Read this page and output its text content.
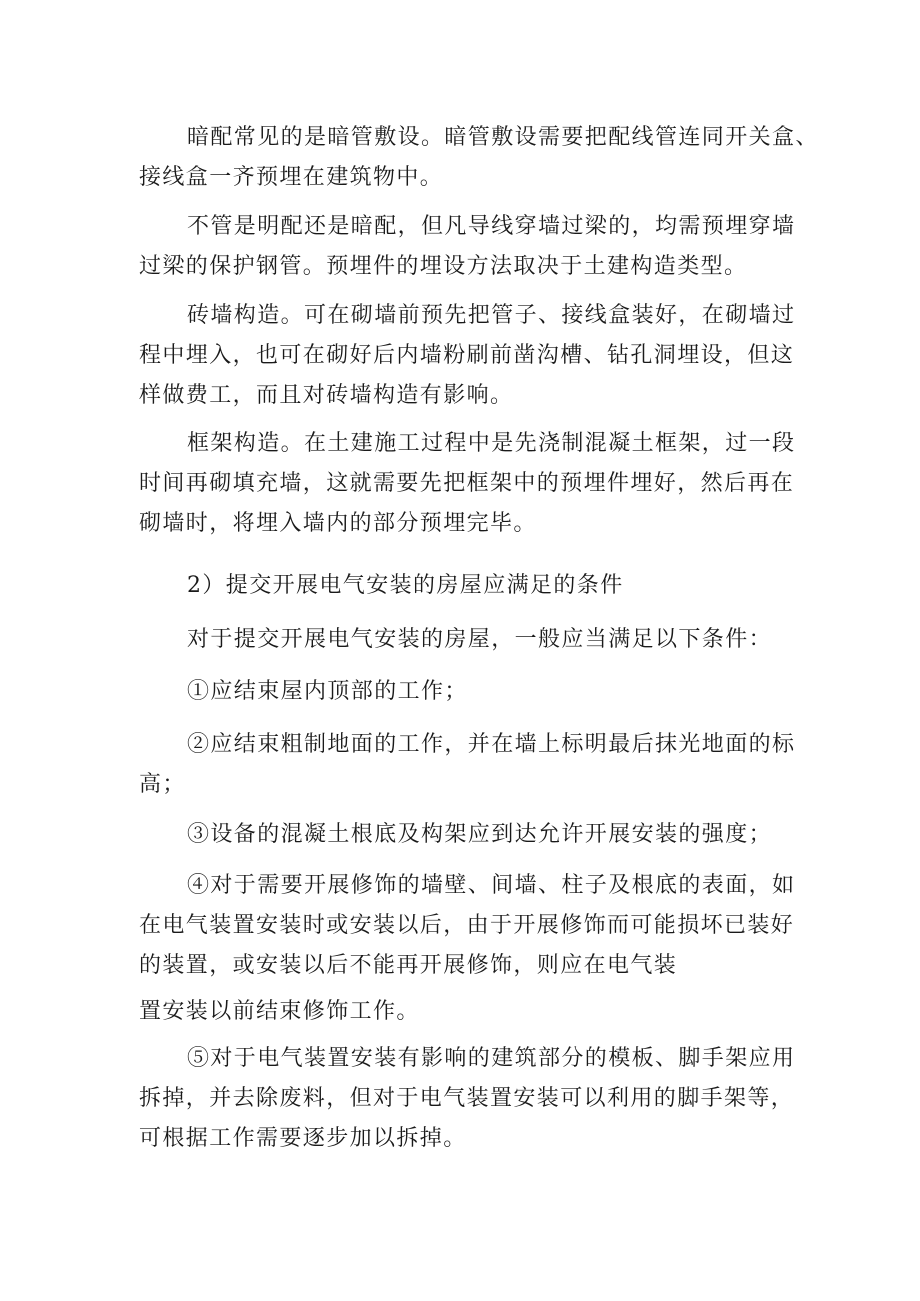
暗配常见的是暗管敷设。暗管敷设需要把配线管连同开关盒、
接线盒一齐预埋在建筑物中。
不管是明配还是暗配，但凡导线穿墙过梁的，均需预埋穿墙
过梁的保护钢管。预埋件的埋设方法取决于土建构造类型。
砖墙构造。可在砌墙前预先把管子、接线盒装好，在砌墙过
程中埋入，也可在砌好后内墙粉刷前凿沟槽、钻孔洞埋设，但这
样做费工，而且对砖墙构造有影响。
框架构造。在土建施工过程中是先浇制混凝土框架，过一段
时间再砌填充墙，这就需要先把框架中的预埋件埋好，然后再在
砌墙时，将埋入墙内的部分预埋完毕。
2）提交开展电气安装的房屋应满足的条件
对于提交开展电气安装的房屋，一般应当满足以下条件：
①应结束屋内顶部的工作；
②应结束粗制地面的工作，并在墙上标明最后抹光地面的标
高；
③设备的混凝土根底及构架应到达允许开展安装的强度；
④对于需要开展修饰的墙壁、间墙、柱子及根底的表面，如
在电气装置安装时或安装以后，由于开展修饰而可能损坏已装好
的装置，或安装以后不能再开展修饰，则应在电气装
置安装以前结束修饰工作。
⑤对于电气装置安装有影响的建筑部分的模板、脚手架应用
拆掉，并去除废料，但对于电气装置安装可以利用的脚手架等，
可根据工作需要逐步加以拆掉。
